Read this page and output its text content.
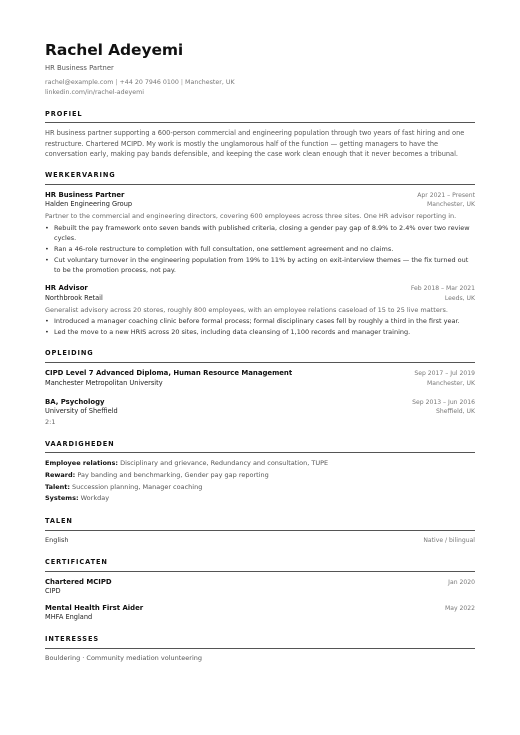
Rachel Adeyemi
HR Business Partner
rachel@example.com | +44 20 7946 0100 | Manchester, UK
linkedin.com/in/rachel-adeyemi
PROFIEL
HR business partner supporting a 600-person commercial and engineering population through two years of fast hiring and one restructure. Chartered MCIPD. My work is mostly the unglamorous half of the function — getting managers to have the conversation early, making pay bands defensible, and keeping the case work clean enough that it never becomes a tribunal.
WERKERVARING
HR Business Partner	Apr 2021 – Present
Halden Engineering Group	Manchester, UK
Partner to the commercial and engineering directors, covering 600 employees across three sites. One HR advisor reporting in.
• Rebuilt the pay framework onto seven bands with published criteria, closing a gender pay gap of 8.9% to 2.4% over two review cycles.
• Ran a 46-role restructure to completion with full consultation, one settlement agreement and no claims.
• Cut voluntary turnover in the engineering population from 19% to 11% by acting on exit-interview themes — the fix turned out to be the promotion process, not pay.
HR Advisor	Feb 2018 – Mar 2021
Northbrook Retail	Leeds, UK
Generalist advisory across 20 stores, roughly 800 employees, with an employee relations caseload of 15 to 25 live matters.
• Introduced a manager coaching clinic before formal process; formal disciplinary cases fell by roughly a third in the first year.
• Led the move to a new HRIS across 20 sites, including data cleansing of 1,100 records and manager training.
OPLEIDING
CIPD Level 7 Advanced Diploma, Human Resource Management	Sep 2017 – Jul 2019
Manchester Metropolitan University	Manchester, UK
BA, Psychology	Sep 2013 – Jun 2016
University of Sheffield	Sheffield, UK
2:1
VAARDIGHEDEN
Employee relations: Disciplinary and grievance, Redundancy and consultation, TUPE
Reward: Pay banding and benchmarking, Gender pay gap reporting
Talent: Succession planning, Manager coaching
Systems: Workday
TALEN
English	Native / bilingual
CERTIFICATEN
Chartered MCIPD	Jan 2020
CIPD
Mental Health First Aider	May 2022
MHFA England
INTERESSES
Bouldering · Community mediation volunteering
